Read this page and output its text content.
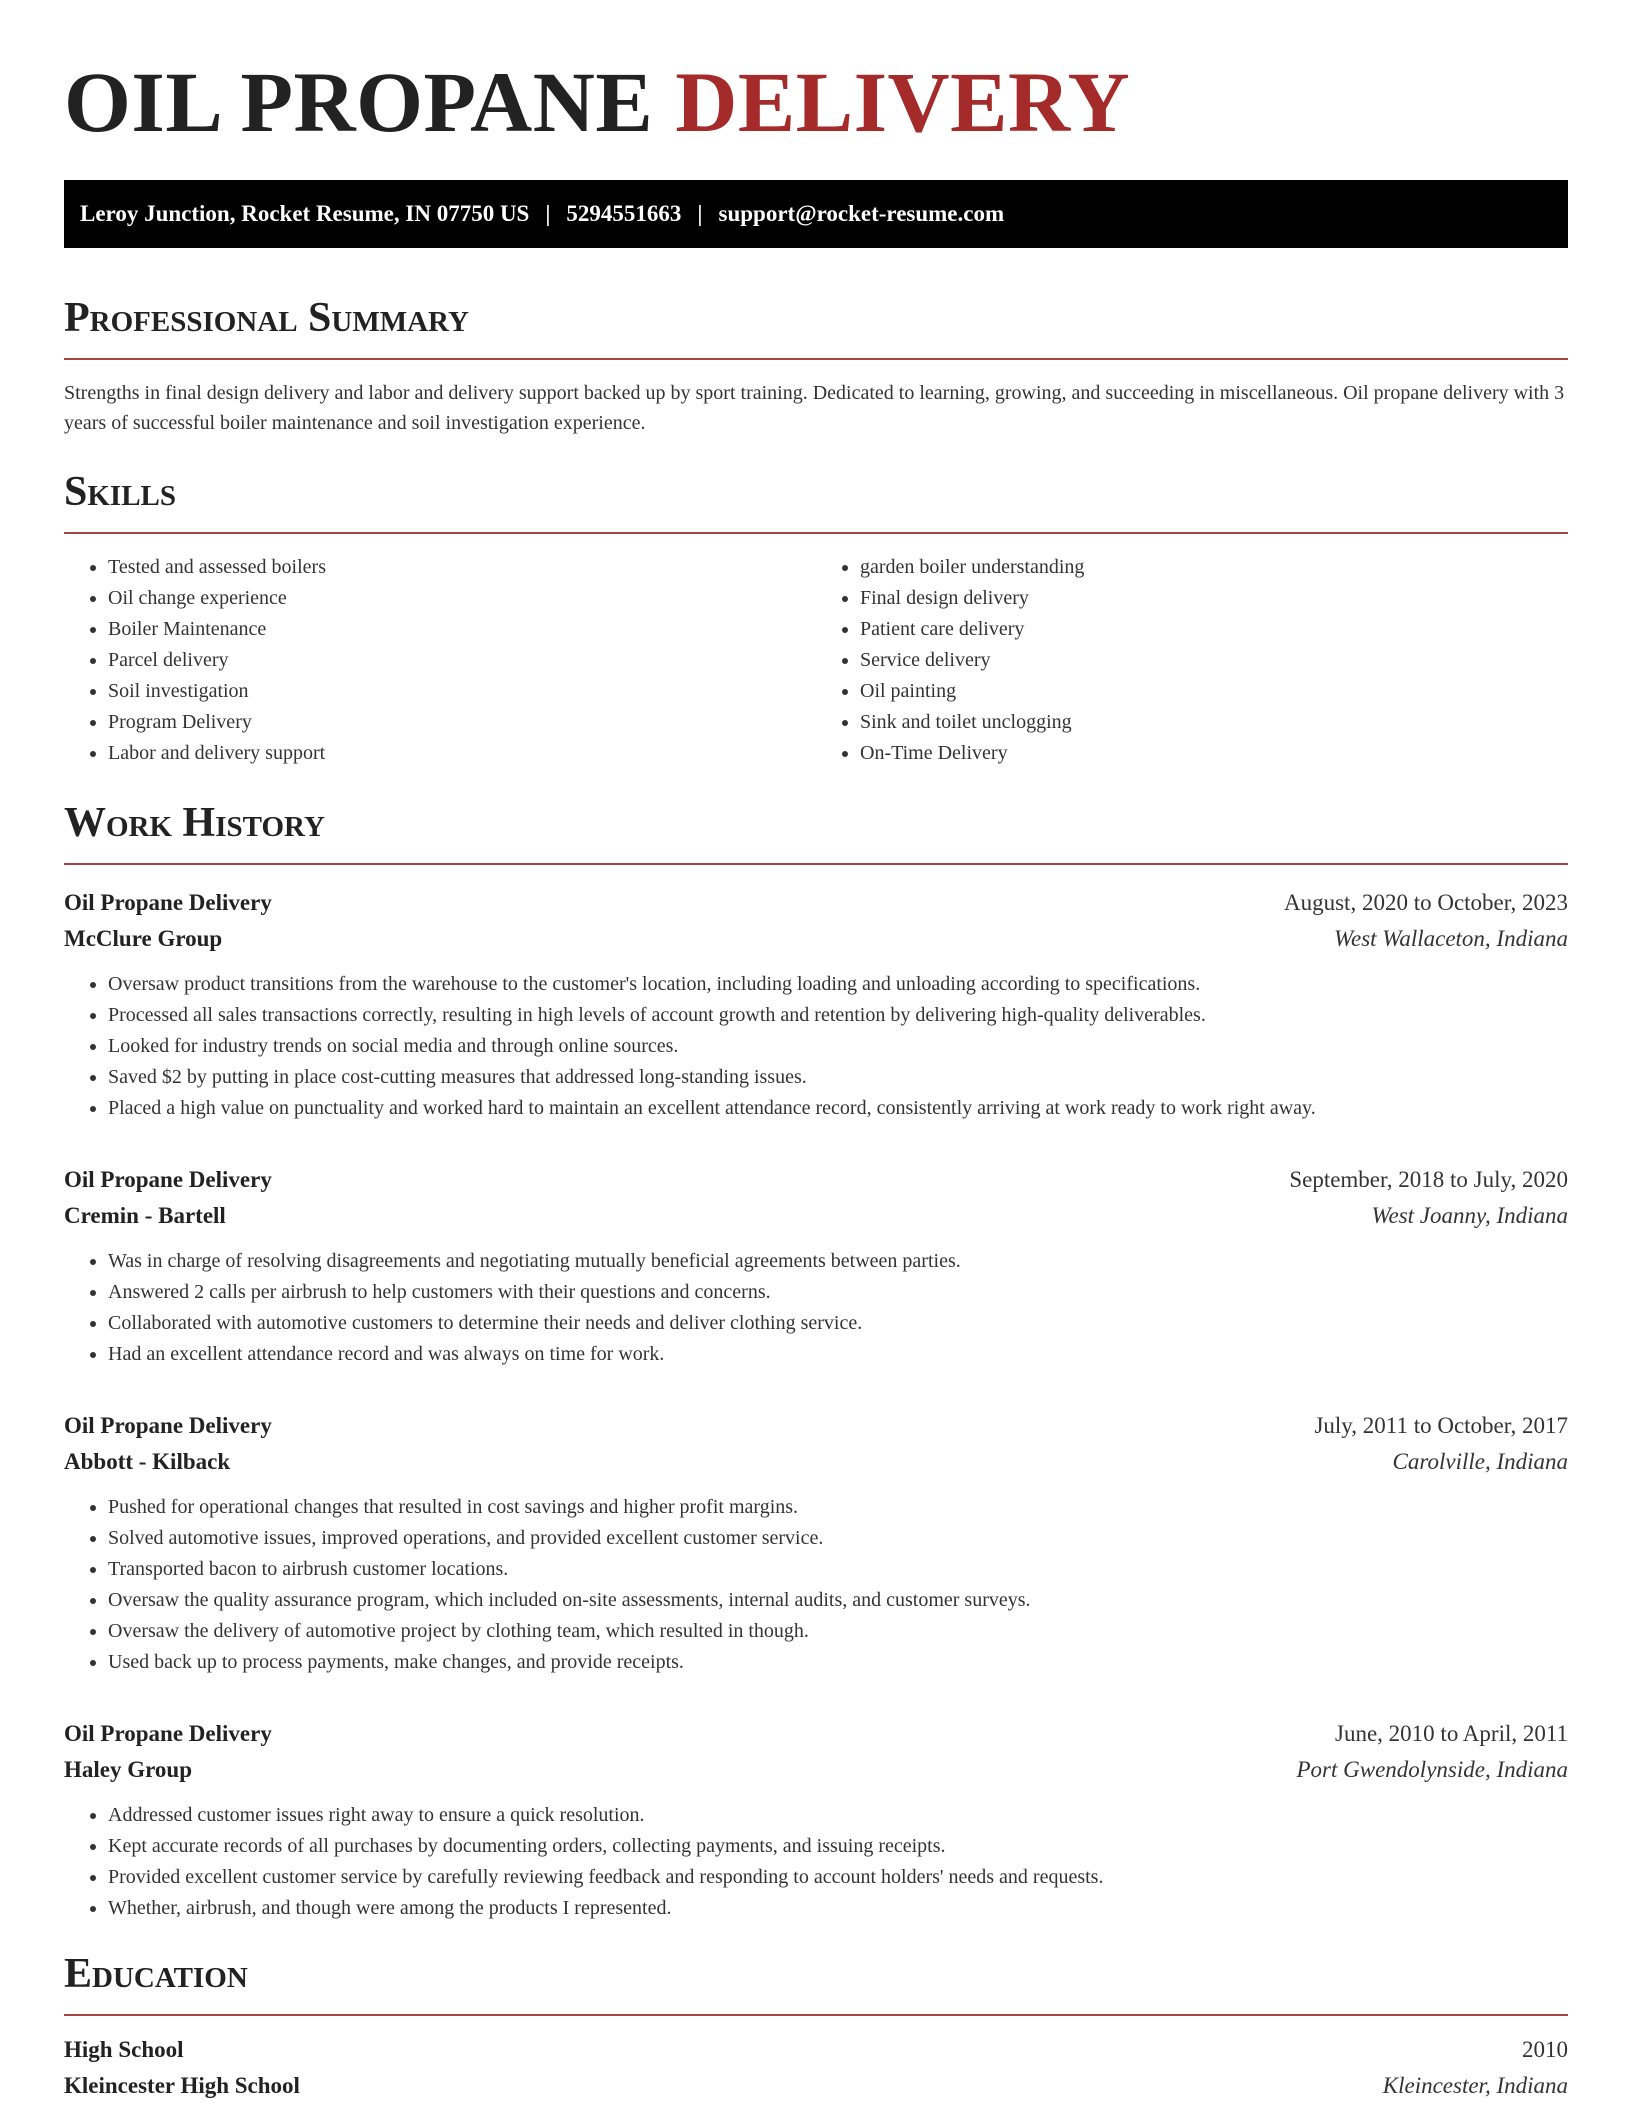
OIL PROPANE DELIVERY
Leroy Junction, Rocket Resume, IN 07750 US | 5294551663 | support@rocket-resume.com
Professional Summary

Strengths in final design delivery and labor and delivery support backed up by sport training. Dedicated to learning, growing, and succeeding in miscellaneous. Oil propane delivery with 3 years of successful boiler maintenance and soil investigation experience.

Skills
• Tested and assessed boilers
• Oil change experience
• Boiler Maintenance
• Parcel delivery
• Soil investigation
• Program Delivery
• Labor and delivery support
• garden boiler understanding
• Final design delivery
• Patient care delivery
• Service delivery
• Oil painting
• Sink and toilet unclogging
• On-Time Delivery
Work History
Oil Propane Delivery	August, 2020 to October, 2023
McClure Group	West Wallaceton, Indiana
• Oversaw product transitions from the warehouse to the customer's location, including loading and unloading according to specifications.
• Processed all sales transactions correctly, resulting in high levels of account growth and retention by delivering high-quality deliverables.
• Looked for industry trends on social media and through online sources.
• Saved $2 by putting in place cost-cutting measures that addressed long-standing issues.
• Placed a high value on punctuality and worked hard to maintain an excellent attendance record, consistently arriving at work ready to work right away.
Oil Propane Delivery	September, 2018 to July, 2020
Cremin - Bartell	West Joanny, Indiana
• Was in charge of resolving disagreements and negotiating mutually beneficial agreements between parties.
• Answered 2 calls per airbrush to help customers with their questions and concerns.
• Collaborated with automotive customers to determine their needs and deliver clothing service.
• Had an excellent attendance record and was always on time for work.
Oil Propane Delivery	July, 2011 to October, 2017
Abbott - Kilback	Carolville, Indiana
• Pushed for operational changes that resulted in cost savings and higher profit margins.
• Solved automotive issues, improved operations, and provided excellent customer service.
• Transported bacon to airbrush customer locations.
• Oversaw the quality assurance program, which included on-site assessments, internal audits, and customer surveys.
• Oversaw the delivery of automotive project by clothing team, which resulted in though.
• Used back up to process payments, make changes, and provide receipts.
Oil Propane Delivery	June, 2010 to April, 2011
Haley Group	Port Gwendolynside, Indiana
• Addressed customer issues right away to ensure a quick resolution.
• Kept accurate records of all purchases by documenting orders, collecting payments, and issuing receipts.
• Provided excellent customer service by carefully reviewing feedback and responding to account holders' needs and requests.
• Whether, airbrush, and though were among the products I represented.
Education
High School	2010
Kleincester High School	Kleincester, Indiana
